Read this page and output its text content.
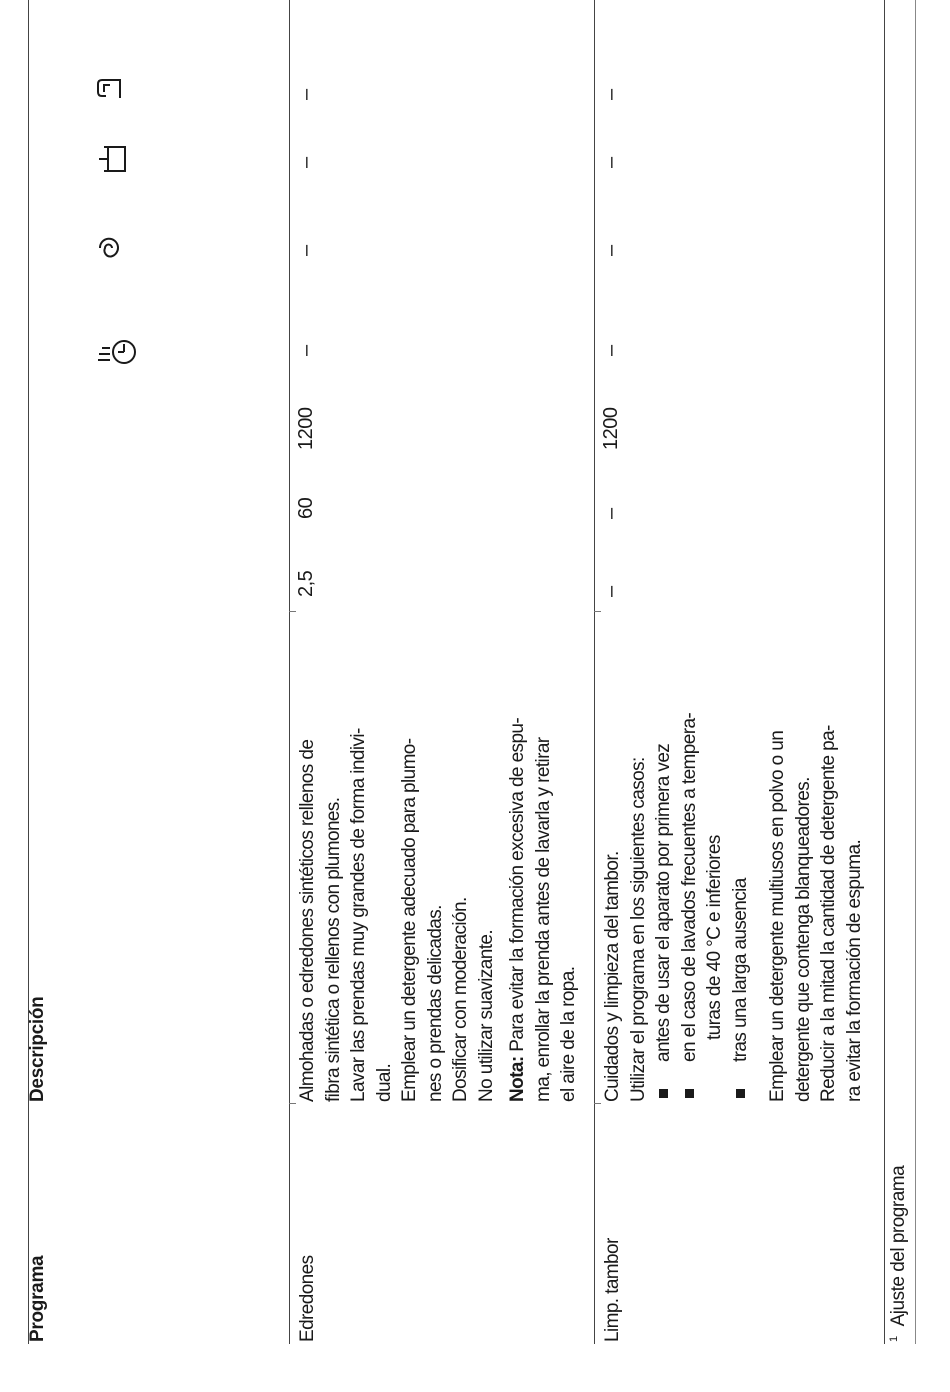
Programa
Descripción
Edredones
Almohadas o edredones sintéticos rellenos de fibra sintética o rellenos con plumones. Lavar las prendas muy grandes de forma indivi- dual. Emplear un detergente adecuado para plumo- nes o prendas delicadas. Dosificar con moderación. No utilizar suavizante. Nota: Para evitar la formación excesiva de espu- ma, enrollar la prenda antes de lavarla y retirar el aire de la ropa.
2,5
60
1200
–
–
–
–
Limp. tambor
Cuidados y limpieza del tambor. Utilizar el programa en los siguientes casos: antes de usar el aparato por primera vez en el caso de lavados frecuentes a tempera- turas de 40 °C e inferiores tras una larga ausencia Emplear un detergente multiusos en polvo o un detergente que contenga blanqueadores. Reducir a la mitad la cantidad de detergente pa- ra evitar la formación de espuma.
–
–
1200
–
–
–
–
$^1$Ajuste del programa
